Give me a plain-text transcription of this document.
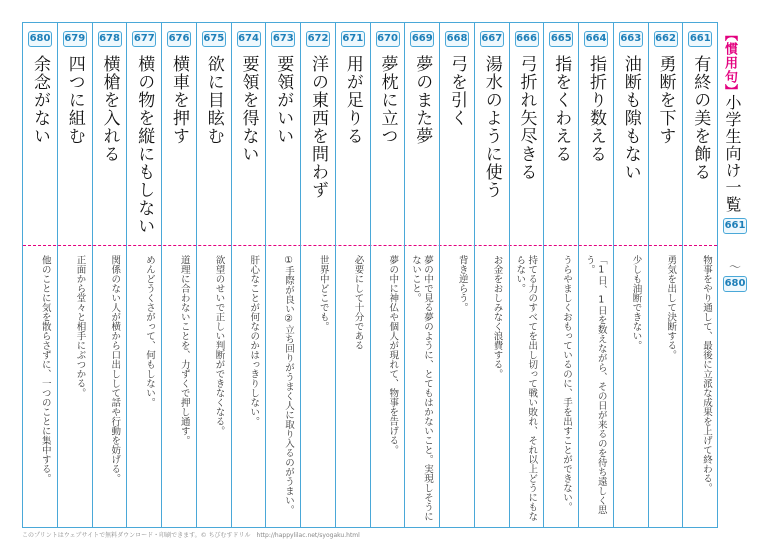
680
余念がない
他のことに気を散らさずに、一つのことに集中する。
679
四つに組む
正面から堂々と相手にぶつかる。
678
横槍を入れる
関係のない人が横から口出しして話や行動を妨げる。
677
横の物を縦にもしない
めんどうくさがって、何もしない。
676
横車を押す
道理に合わないことを、力ずくで押し通す。
675
欲に目眩む
欲望のせいで正しい判断ができなくなる。
674
要領を得ない
肝心なことが何なのかはっきりしない。
673
要領がいい
①手際が良い②立ち回りがうまく人に取り入るのがうまい。
672
洋の東西を問わず
世界中どこでも。
671
用が足りる
必要にして十分である
670
夢枕に立つ
夢の中に神仏や個人が現れて、物事を告げる。
669
夢のまた夢
夢の中で見る夢のように、とてもはかないこと。実現しそうにないこと。
668
弓を引く
背き逆らう。
667
湯水のように使う
お金をおしみなく浪費する。
666
弓折れ矢尽きる
持てる力のすべてを出し切って戦い敗れ、それ以上どうにもならない。
665
指をくわえる
うらやましくおもっているのに、手を出すことができない。
664
指折り数える
「1日、1日を数えながら、その日が来るのを待ち遠しく思う。
663
油断も隙もない
少しも油断できない。
662
勇断を下す
勇気を出して決断する。
661
有終の美を飾る
物事をやり通して、最後に立派な成果を上げて終わる。
【慣用句】
小学生向け一覧
661
〜
680
このプリントはウェブサイトで無料ダウンロード・印刷できます。© ちびむすドリル　http://happylilac.net/syogaku.html
